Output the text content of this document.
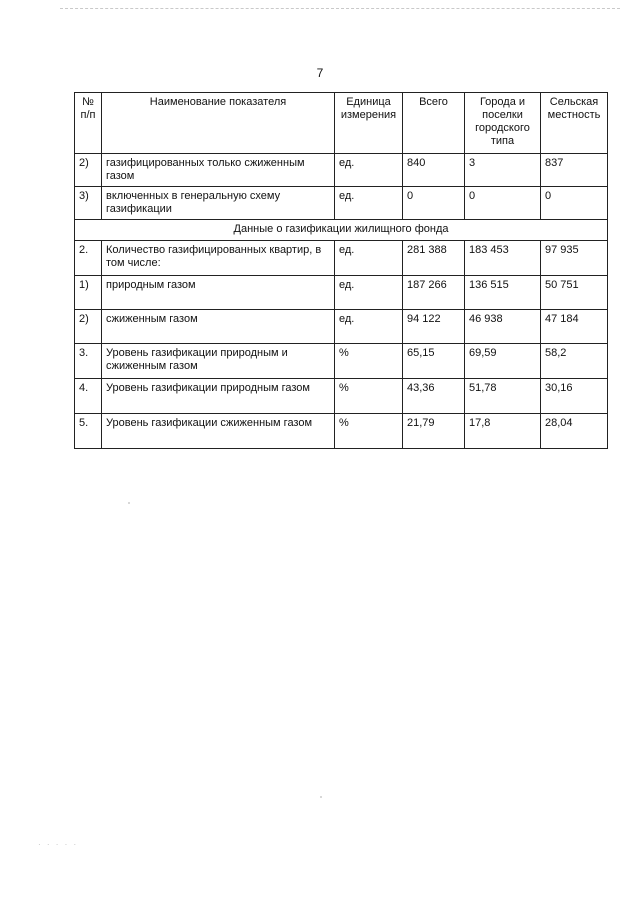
7
№ п/п	Наименование показателя	Единица измерения	Всего	Города и поселки городского типа	Сельская местность
2)	газифицированных только сжиженным газом	ед.	840	3	837
3)	включенных в генеральную схему газификации	ед.	0	0	0
Данные о газификации жилищного фонда					
2.	Количество газифицированных квартир, в том числе:	ед.	281 388	183 453	97 935
1)	природным газом	ед.	187 266	136 515	50 751
2)	сжиженным газом	ед.	94 122	46 938	47 184
3.	Уровень газификации природным и сжиженным газом	%	65,15	69,59	58,2
4.	Уровень газификации природным газом	%	43,36	51,78	30,16
5.	Уровень газификации сжиженным газом	%	21,79	17,8	28,04
· · · · ·
